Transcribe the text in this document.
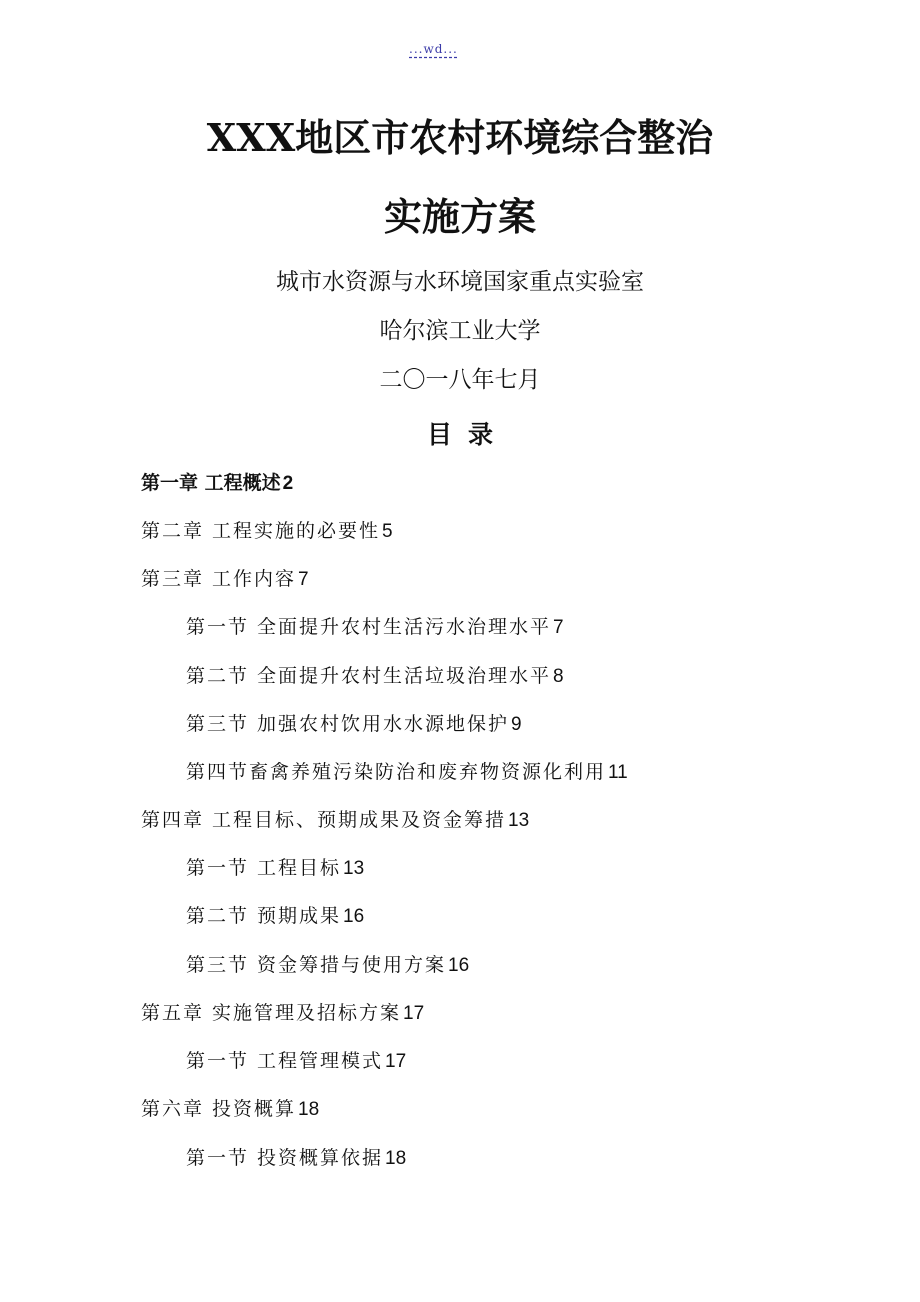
...wd...
XXX地区市农村环境综合整治
实施方案
城市水资源与水环境国家重点实验室
哈尔滨工业大学
二〇一八年七月
目录
第一章 工程概述 2
第二章 工程实施的必要性 5
第三章 工作内容 7
第一节 全面提升农村生活污水治理水平 7
第二节 全面提升农村生活垃圾治理水平 8
第三节 加强农村饮用水水源地保护 9
第四节畜禽养殖污染防治和废弃物资源化利用 11
第四章 工程目标、预期成果及资金筹措 13
第一节 工程目标 13
第二节 预期成果 16
第三节 资金筹措与使用方案 16
第五章 实施管理及招标方案 17
第一节 工程管理模式 17
第六章 投资概算 18
第一节 投资概算依据 18
